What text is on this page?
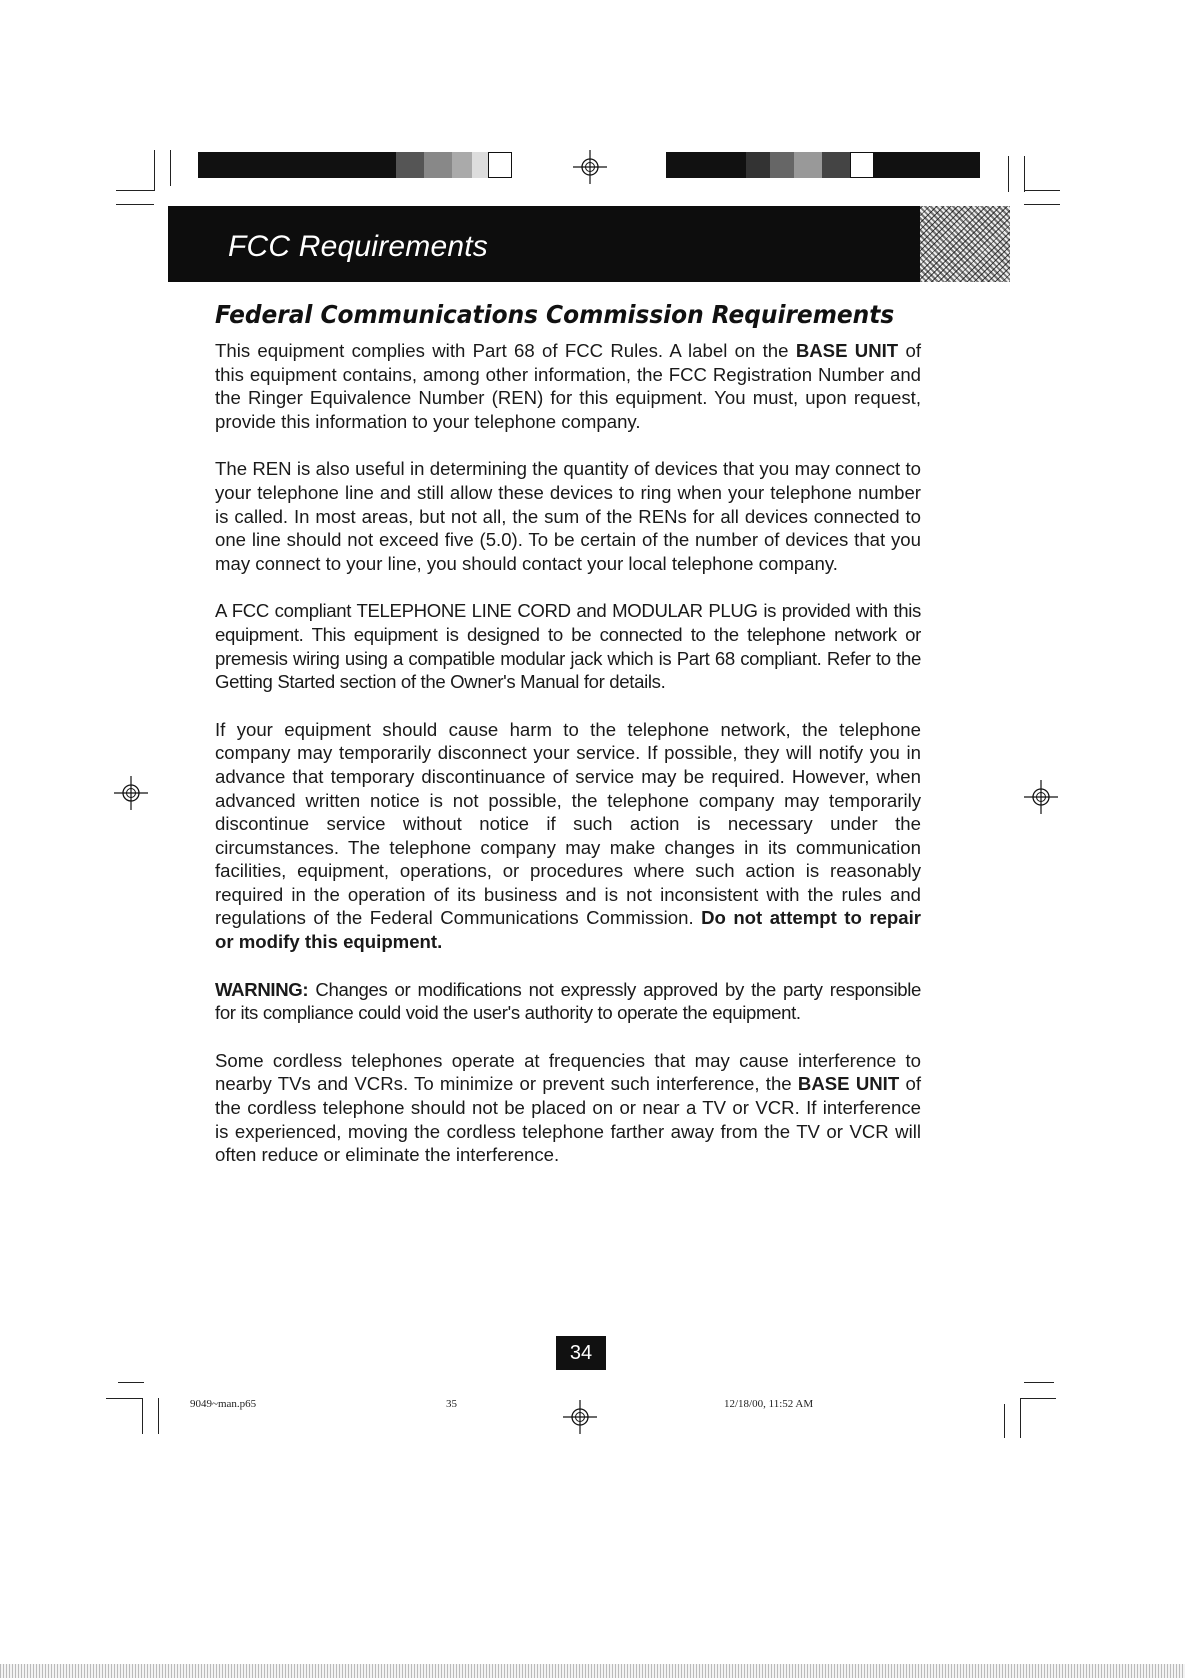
FCC Requirements
Federal Communications Commission Requirements

This equipment complies with Part 68 of FCC Rules. A label on the BASE UNIT of this equipment contains, among other information, the FCC Registration Number and the Ringer Equivalence Number (REN) for this equipment. You must, upon request, provide this information to your telephone company.

The REN is also useful in determining the quantity of devices that you may connect to your telephone line and still allow these devices to ring when your telephone number is called. In most areas, but not all, the sum of the RENs for all devices connected to one line should not exceed five (5.0). To be certain of the number of devices that you may connect to your line, you should contact your local telephone company.

A FCC compliant TELEPHONE LINE CORD and MODULAR PLUG is provided with this equipment. This equipment is designed to be connected to the telephone network or premesis wiring using a compatible modular jack which is Part 68 compliant. Refer to the Getting Started section of the Owner's Manual for details.

If your equipment should cause harm to the telephone network, the telephone company may temporarily disconnect your service. If possible, they will notify you in advance that temporary discontinuance of service may be required. However, when advanced written notice is not possible, the telephone company may temporarily discontinue service without notice if such action is necessary under the circumstances. The telephone company may make changes in its communication facilities, equipment, operations, or procedures where such action is reasonably required in the operation of its business and is not inconsistent with the rules and regulations of the Federal Communications Commission. Do not attempt to repair or modify this equipment.

WARNING: Changes or modifications not expressly approved by the party responsible for its compliance could void the user's authority to operate the equipment.

Some cordless telephones operate at frequencies that may cause interference to nearby TVs and VCRs. To minimize or prevent such interference, the BASE UNIT of the cordless telephone should not be placed on or near a TV or VCR. If interference is experienced, moving the cordless telephone farther away from the TV or VCR will often reduce or eliminate the interference.

34
9049~man.p65	35	12/18/00, 11:52 AM
